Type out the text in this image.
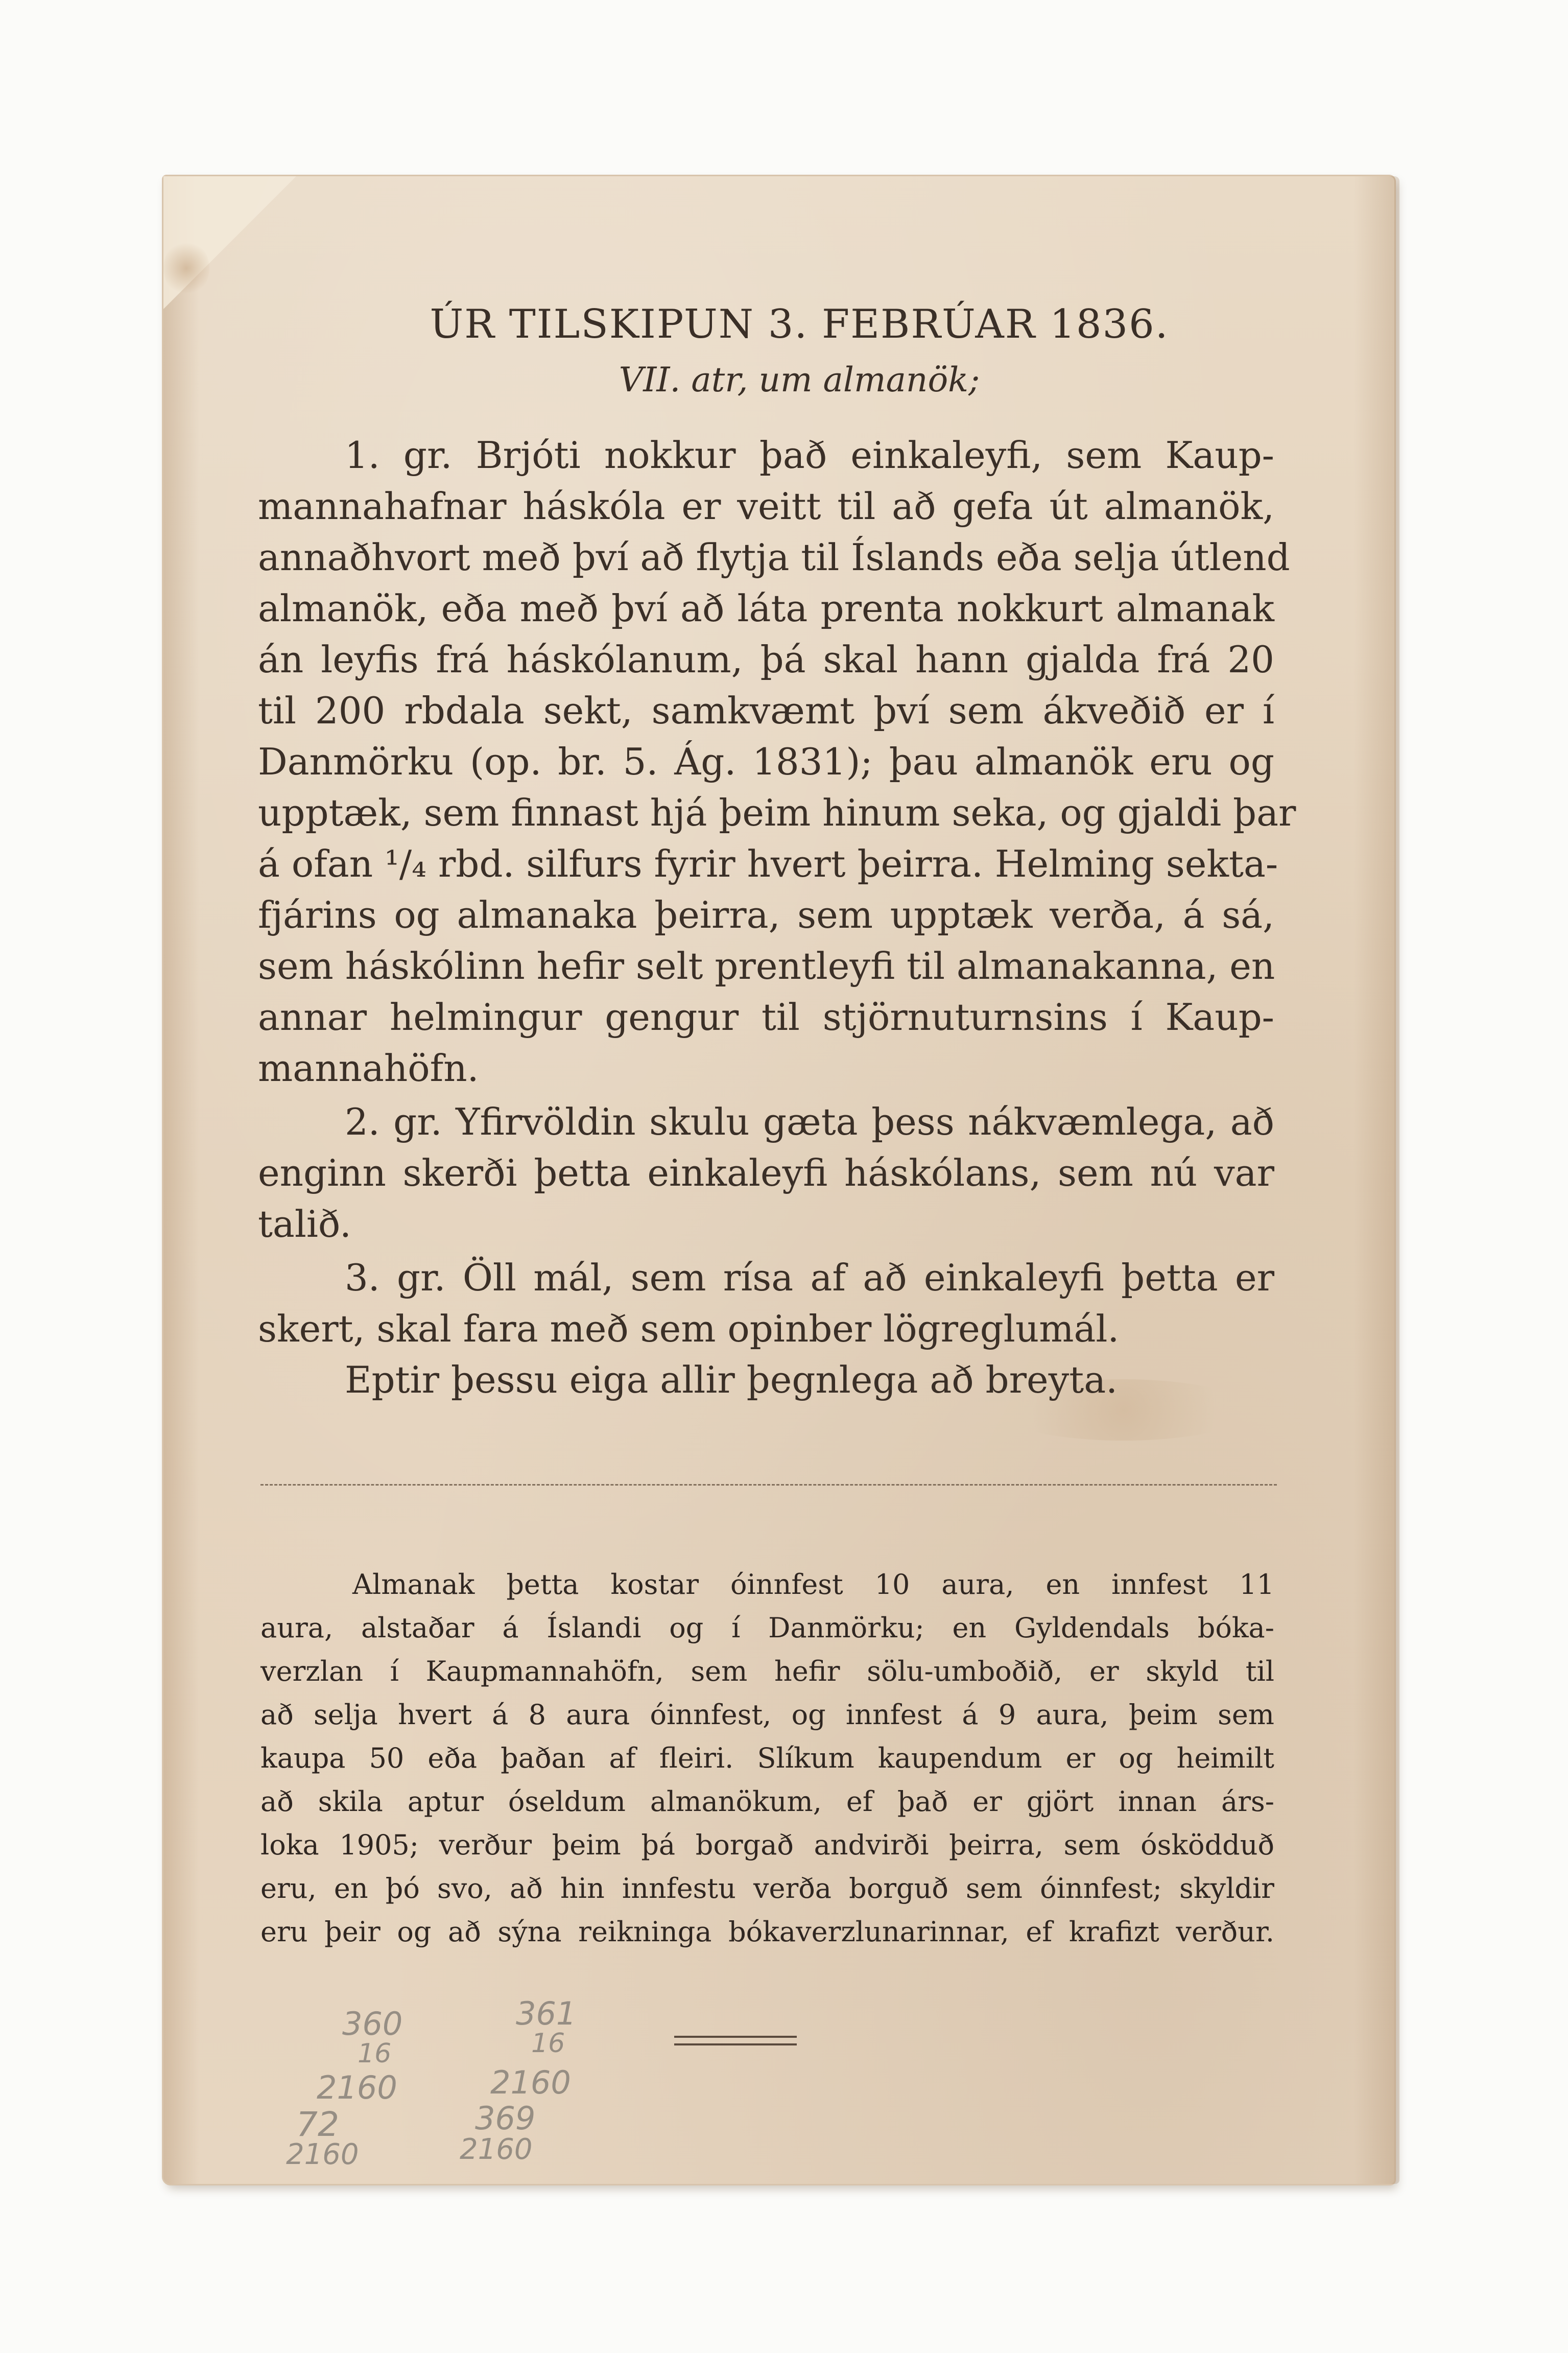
ÚR TILSKIPUN 3. FEBRÚAR 1836.
VII. atr, um almanök;
1. gr. Brjóti nokkur það einkaleyfi, sem Kaup-
mannahafnar háskóla er veitt til að gefa út almanök,
annaðhvort með því að flytja til Íslands eða selja útlend
almanök, eða með því að láta prenta nokkurt almanak
án leyfis frá háskólanum, þá skal hann gjalda frá 20
til 200 rbdala sekt, samkvæmt því sem ákveðið er í
Danmörku (op. br. 5. Ág. 1831); þau almanök eru og
upptæk, sem finnast hjá þeim hinum seka, og gjaldi þar
á ofan ¹/₄ rbd. silfurs fyrir hvert þeirra. Helming sekta-
fjárins og almanaka þeirra, sem upptæk verða, á sá,
sem háskólinn hefir selt prentleyfi til almanakanna, en
annar helmingur gengur til stjörnuturnsins í Kaup-
mannahöfn.
2. gr. Yfirvöldin skulu gæta þess nákvæmlega, að
enginn skerði þetta einkaleyfi háskólans, sem nú var
talið.
3. gr. Öll mál, sem rísa af að einkaleyfi þetta er
skert, skal fara með sem opinber lögreglumál.
Eptir þessu eiga allir þegnlega að breyta.
Almanak þetta kostar óinnfest 10 aura, en innfest 11
aura, alstaðar á Íslandi og í Danmörku; en Gyldendals bóka-
verzlan í Kaupmannahöfn, sem hefir sölu-umboðið, er skyld til
að selja hvert á 8 aura óinnfest, og innfest á 9 aura, þeim sem
kaupa 50 eða þaðan af fleiri. Slíkum kaupendum er og heimilt
að skila aptur óseldum almanökum, ef það er gjört innan árs-
loka 1905; verður þeim þá borgað andvirði þeirra, sem ósködduð
eru, en þó svo, að hin innfestu verða borguð sem óinnfest; skyldir
eru þeir og að sýna reikninga bókaverzlunarinnar, ef krafizt verður.
360	361
16	16
2160	2160
72	369
2160	2160
